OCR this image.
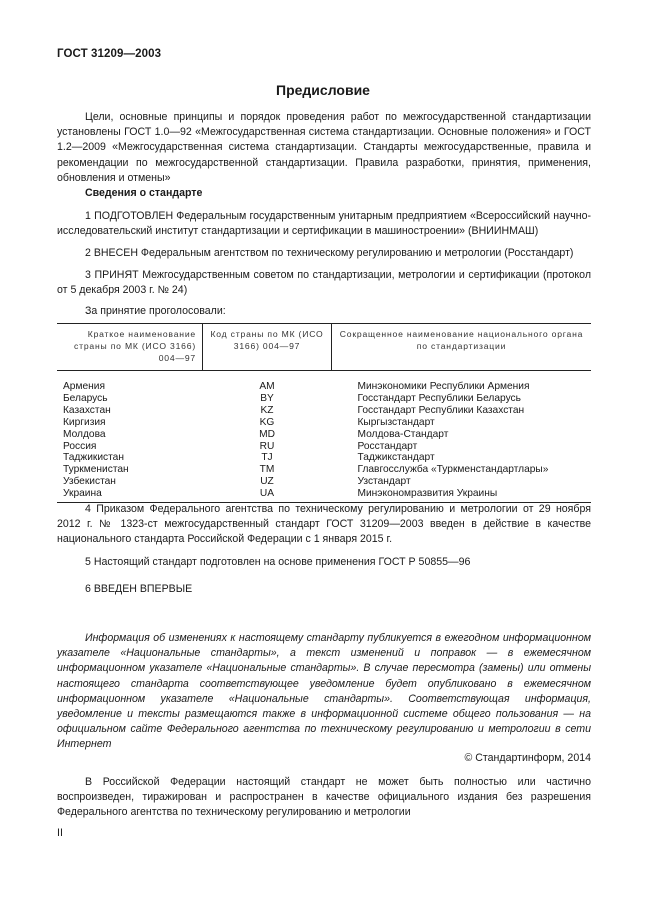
ГОСТ 31209—2003
Предисловие
Цели, основные принципы и порядок проведения работ по межгосударственной стандартизации установлены ГОСТ 1.0—92 «Межгосударственная система стандартизации. Основные положения» и ГОСТ 1.2—2009 «Межгосударственная система стандартизации. Стандарты межгосударственные, правила и рекомендации по межгосударственной стандартизации. Правила разработки, принятия, применения, обновления и отмены»
Сведения о стандарте
1 ПОДГОТОВЛЕН Федеральным государственным унитарным предприятием «Всероссийский научно-исследовательский институт стандартизации и сертификации в машиностроении» (ВНИИНМАШ)
2 ВНЕСЕН Федеральным агентством по техническому регулированию и метрологии (Росстандарт)
3 ПРИНЯТ Межгосударственным советом по стандартизации, метрологии и сертификации (протокол от 5 декабря 2003 г. № 24)
За принятие проголосовали:
Краткое наименование страны по МК (ИСО 3166) 004—97	Код страны по МК (ИСО 3166) 004—97	Сокращенное наименование национального органа по стандартизации

Армения	AM	Минэкономики Республики Армения
Беларусь	BY	Госстандарт Республики Беларусь
Казахстан	KZ	Госстандарт Республики Казахстан
Киргизия	KG	Кыргызстандарт
Молдова	MD	Молдова-Стандарт
Россия	RU	Росстандарт
Таджикистан	TJ	Таджикстандарт
Туркменистан	TM	Главгосслужба «Туркменстандартлары»
Узбекистан	UZ	Узстандарт
Украина	UA	Минэкономразвития Украины
4 Приказом Федерального агентства по техническому регулированию и метрологии от 29 ноября 2012 г. № 1323-ст межгосударственный стандарт ГОСТ 31209—2003 введен в действие в качестве национального стандарта Российской Федерации с 1 января 2015 г.
5 Настоящий стандарт подготовлен на основе применения ГОСТ Р 50855—96
6 ВВЕДЕН ВПЕРВЫЕ
Информация об изменениях к настоящему стандарту публикуется в ежегодном информационном указателе «Национальные стандарты», а текст изменений и поправок — в ежемесячном информационном указателе «Национальные стандарты». В случае пересмотра (замены) или отмены настоящего стандарта соответствующее уведомление будет опубликовано в ежемесячном информационном указателе «Национальные стандарты». Соответствующая информация, уведомление и тексты размещаются также в информационной системе общего пользования — на официальном сайте Федерального агентства по техническому регулированию и метрологии в сети Интернет
© Стандартинформ, 2014
В Российской Федерации настоящий стандарт не может быть полностью или частично воспроизведен, тиражирован и распространен в качестве официального издания без разрешения Федерального агентства по техническому регулированию и метрологии
II
